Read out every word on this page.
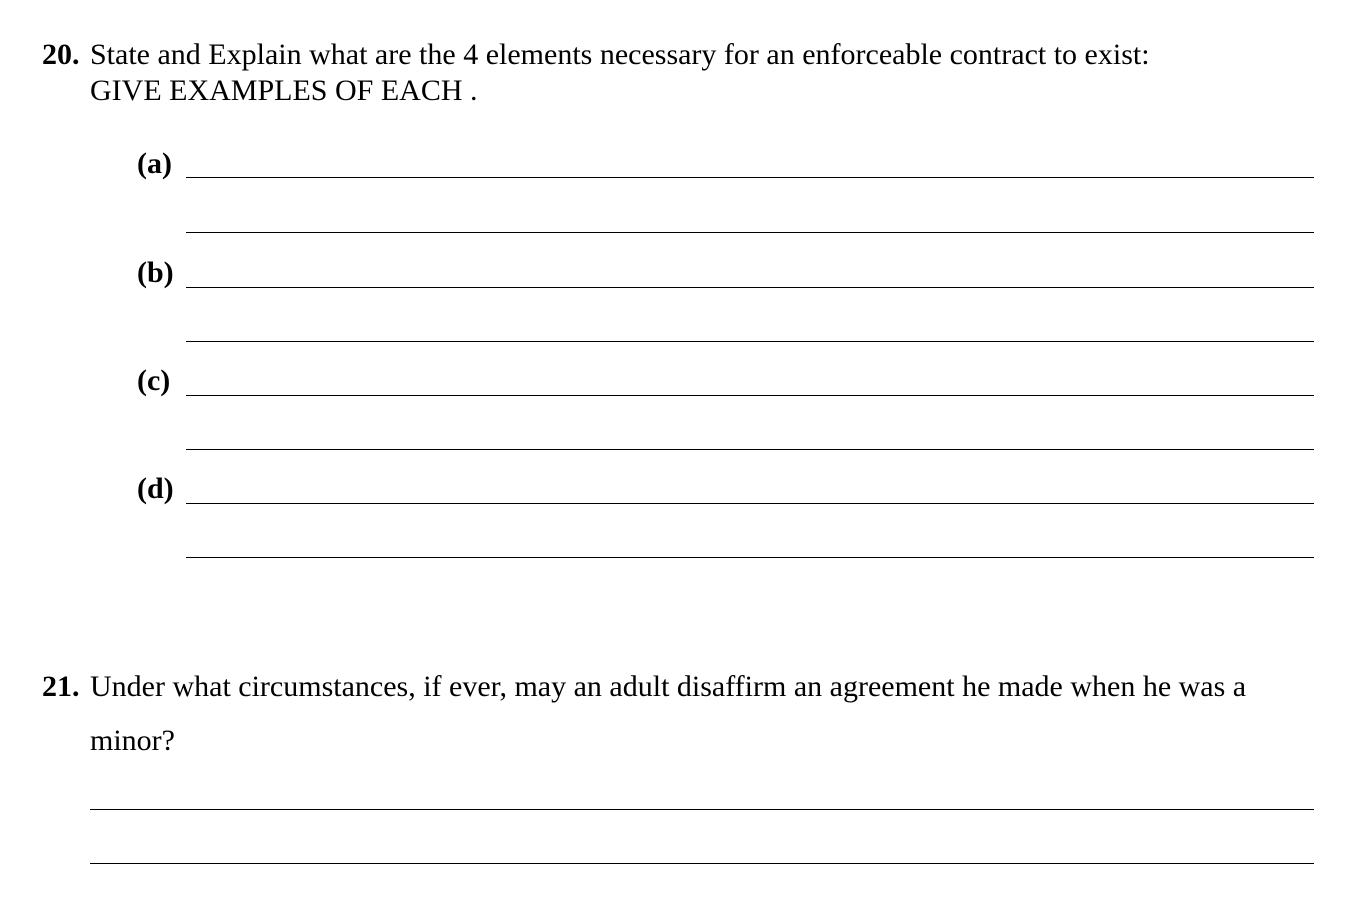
20. State and Explain what are the 4 elements necessary for an enforceable contract to exist:
GIVE EXAMPLES OF EACH .
(a)
(b)
(c)
(d)
21. Under what circumstances, if ever, may an adult disaffirm an agreement he made when he was a
minor?
